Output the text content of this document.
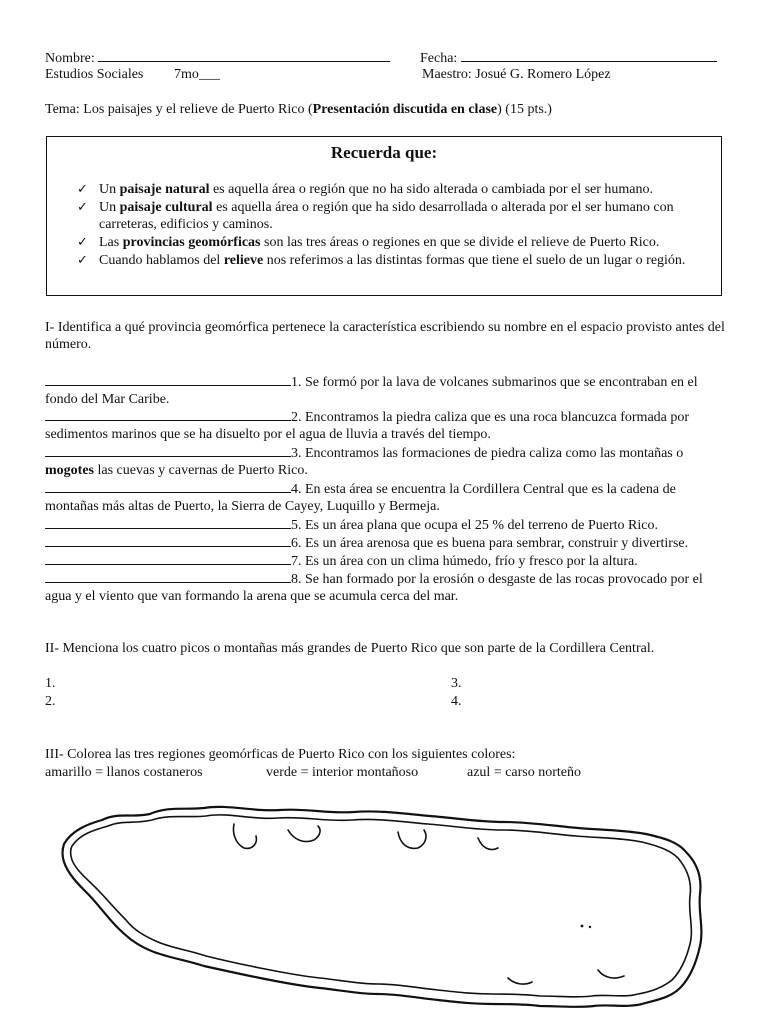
Nombre:	Fecha:
Estudios Sociales 7mo___	Maestro: Josué G. Romero López
Tema: Los paisajes y el relieve de Puerto Rico (Presentación discutida en clase) (15 pts.)
Recuerda que:
✓ Un paisaje natural es aquella área o región que no ha sido alterada o cambiada por el ser humano.
✓ Un paisaje cultural es aquella área o región que ha sido desarrollada o alterada por el ser humano con carreteras, edificios y caminos.
✓ Las provincias geomórficas son las tres áreas o regiones en que se divide el relieve de Puerto Rico.
✓ Cuando hablamos del relieve nos referimos a las distintas formas que tiene el suelo de un lugar o región.
I- Identifica a qué provincia geomórfica pertenece la característica escribiendo su nombre en el espacio provisto antes del número.
1. Se formó por la lava de volcanes submarinos que se encontraban en el fondo del Mar Caribe.
2. Encontramos la piedra caliza que es una roca blancuzca formada por sedimentos marinos que se ha disuelto por el agua de lluvia a través del tiempo.
3. Encontramos las formaciones de piedra caliza como las montañas o
mogotes las cuevas y cavernas de Puerto Rico.
4. En esta área se encuentra la Cordillera Central que es la cadena de montañas más altas de Puerto, la Sierra de Cayey, Luquillo y Bermeja.
5. Es un área plana que ocupa el 25 % del terreno de Puerto Rico.
6. Es un área arenosa que es buena para sembrar, construir y divertirse.
7. Es un área con un clima húmedo, frío y fresco por la altura.
8. Se han formado por la erosión o desgaste de las rocas provocado por el agua y el viento que van formando la arena que se acumula cerca del mar.
II- Menciona los cuatro picos o montañas más grandes de Puerto Rico que son parte de la Cordillera Central.
1.
2.
3.
4.
III- Colorea las tres regiones geomórficas de Puerto Rico con los siguientes colores:
amarillo = llanos costaneros	verde = interior montañoso	azul = carso norteño
